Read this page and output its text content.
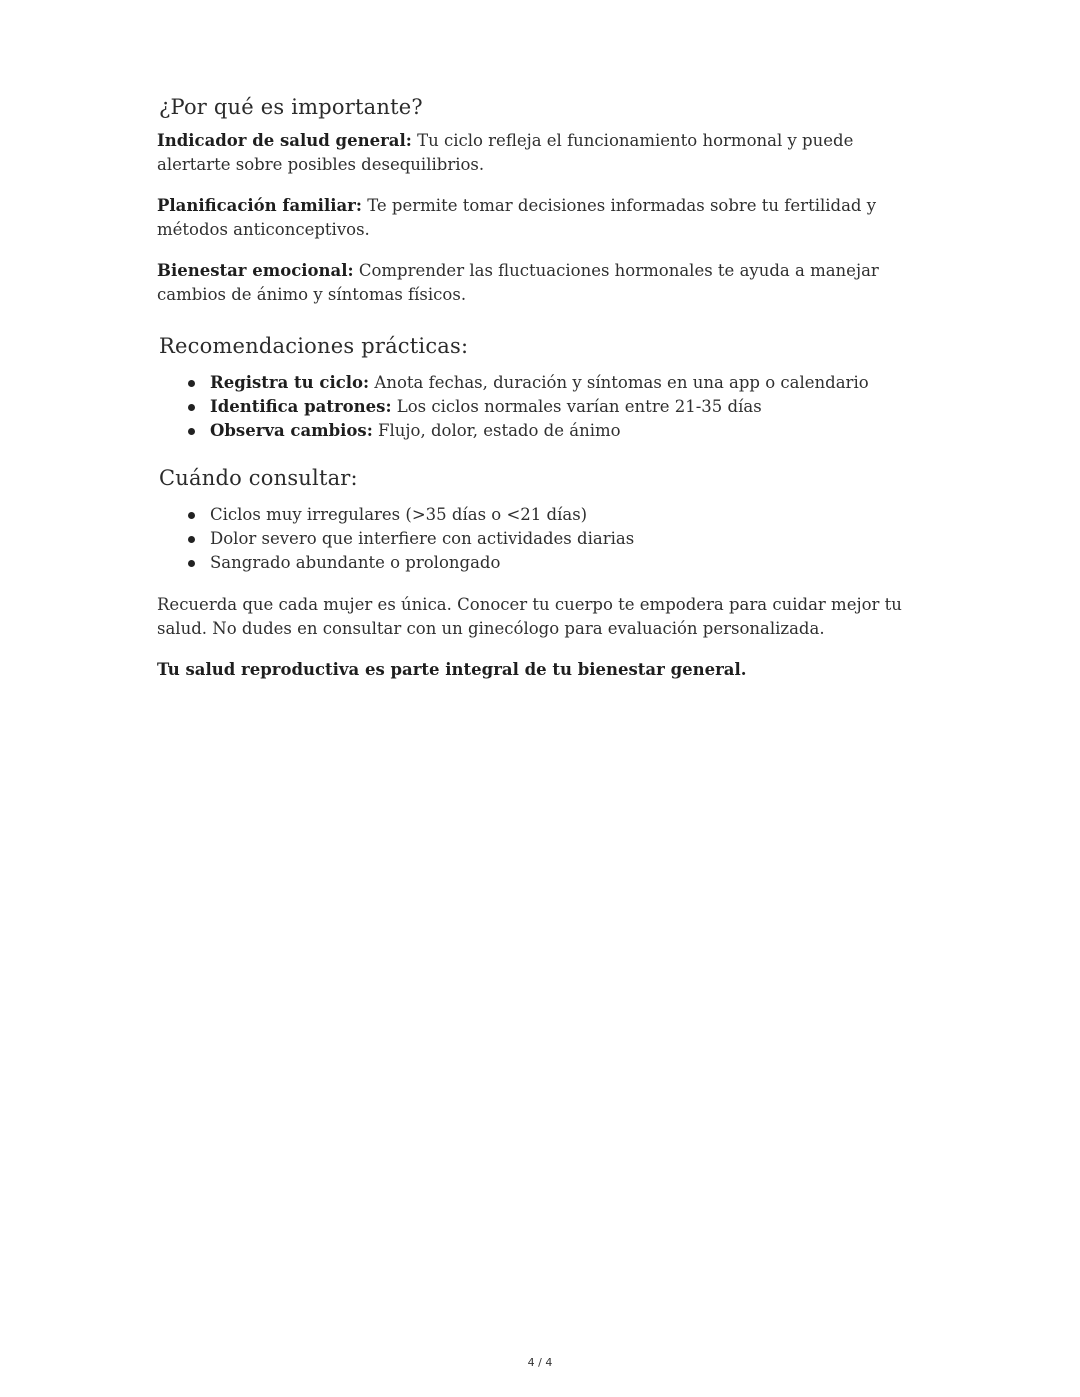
¿Por qué es importante?

Indicador de salud general: Tu ciclo refleja el funcionamiento hormonal y puede alertarte sobre posibles desequilibrios.

Planificación familiar: Te permite tomar decisiones informadas sobre tu fertilidad y métodos anticonceptivos.

Bienestar emocional: Comprender las fluctuaciones hormonales te ayuda a manejar cambios de ánimo y síntomas físicos.

Recomendaciones prácticas:
Registra tu ciclo: Anota fechas, duración y síntomas en una app o calendario
Identifica patrones: Los ciclos normales varían entre 21-35 días
Observa cambios: Flujo, dolor, estado de ánimo
Cuándo consultar:
Ciclos muy irregulares (>35 días o <21 días)
Dolor severo que interfiere con actividades diarias
Sangrado abundante o prolongado

Recuerda que cada mujer es única. Conocer tu cuerpo te empodera para cuidar mejor tu salud. No dudes en consultar con un ginecólogo para evaluación personalizada.

Tu salud reproductiva es parte integral de tu bienestar general.

4 / 4
